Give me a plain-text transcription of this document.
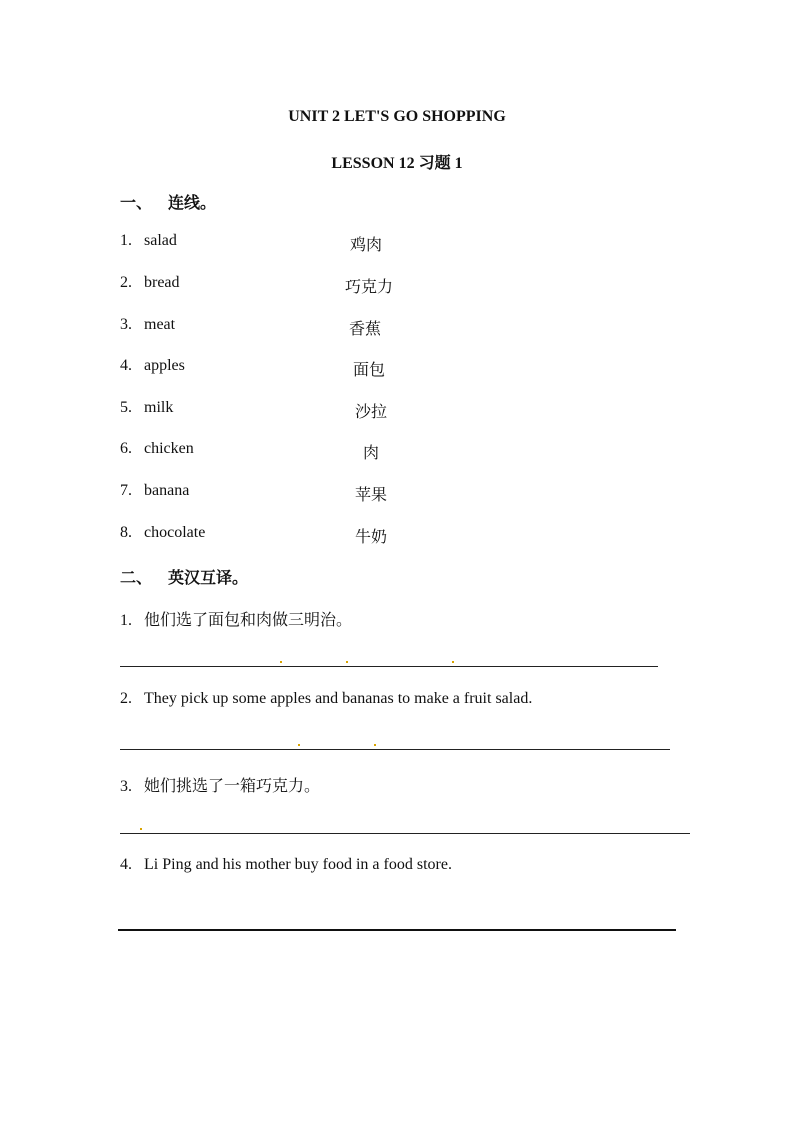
UNIT 2 LET'S GO SHOPPING
LESSON 12 习题 1
一、 连线。
1. salad	鸡肉
2. bread	巧克力
3. meat	香蕉
4. apples	面包
5. milk	沙拉
6. chicken	肉
7. banana	苹果
8. chocolate	牛奶
二、 英汉互译。
1. 他们选了面包和肉做三明治。
2. They pick up some apples and bananas to make a fruit salad.
3. 她们挑选了一箱巧克力。
4. Li Ping and his mother buy food in a food store.
